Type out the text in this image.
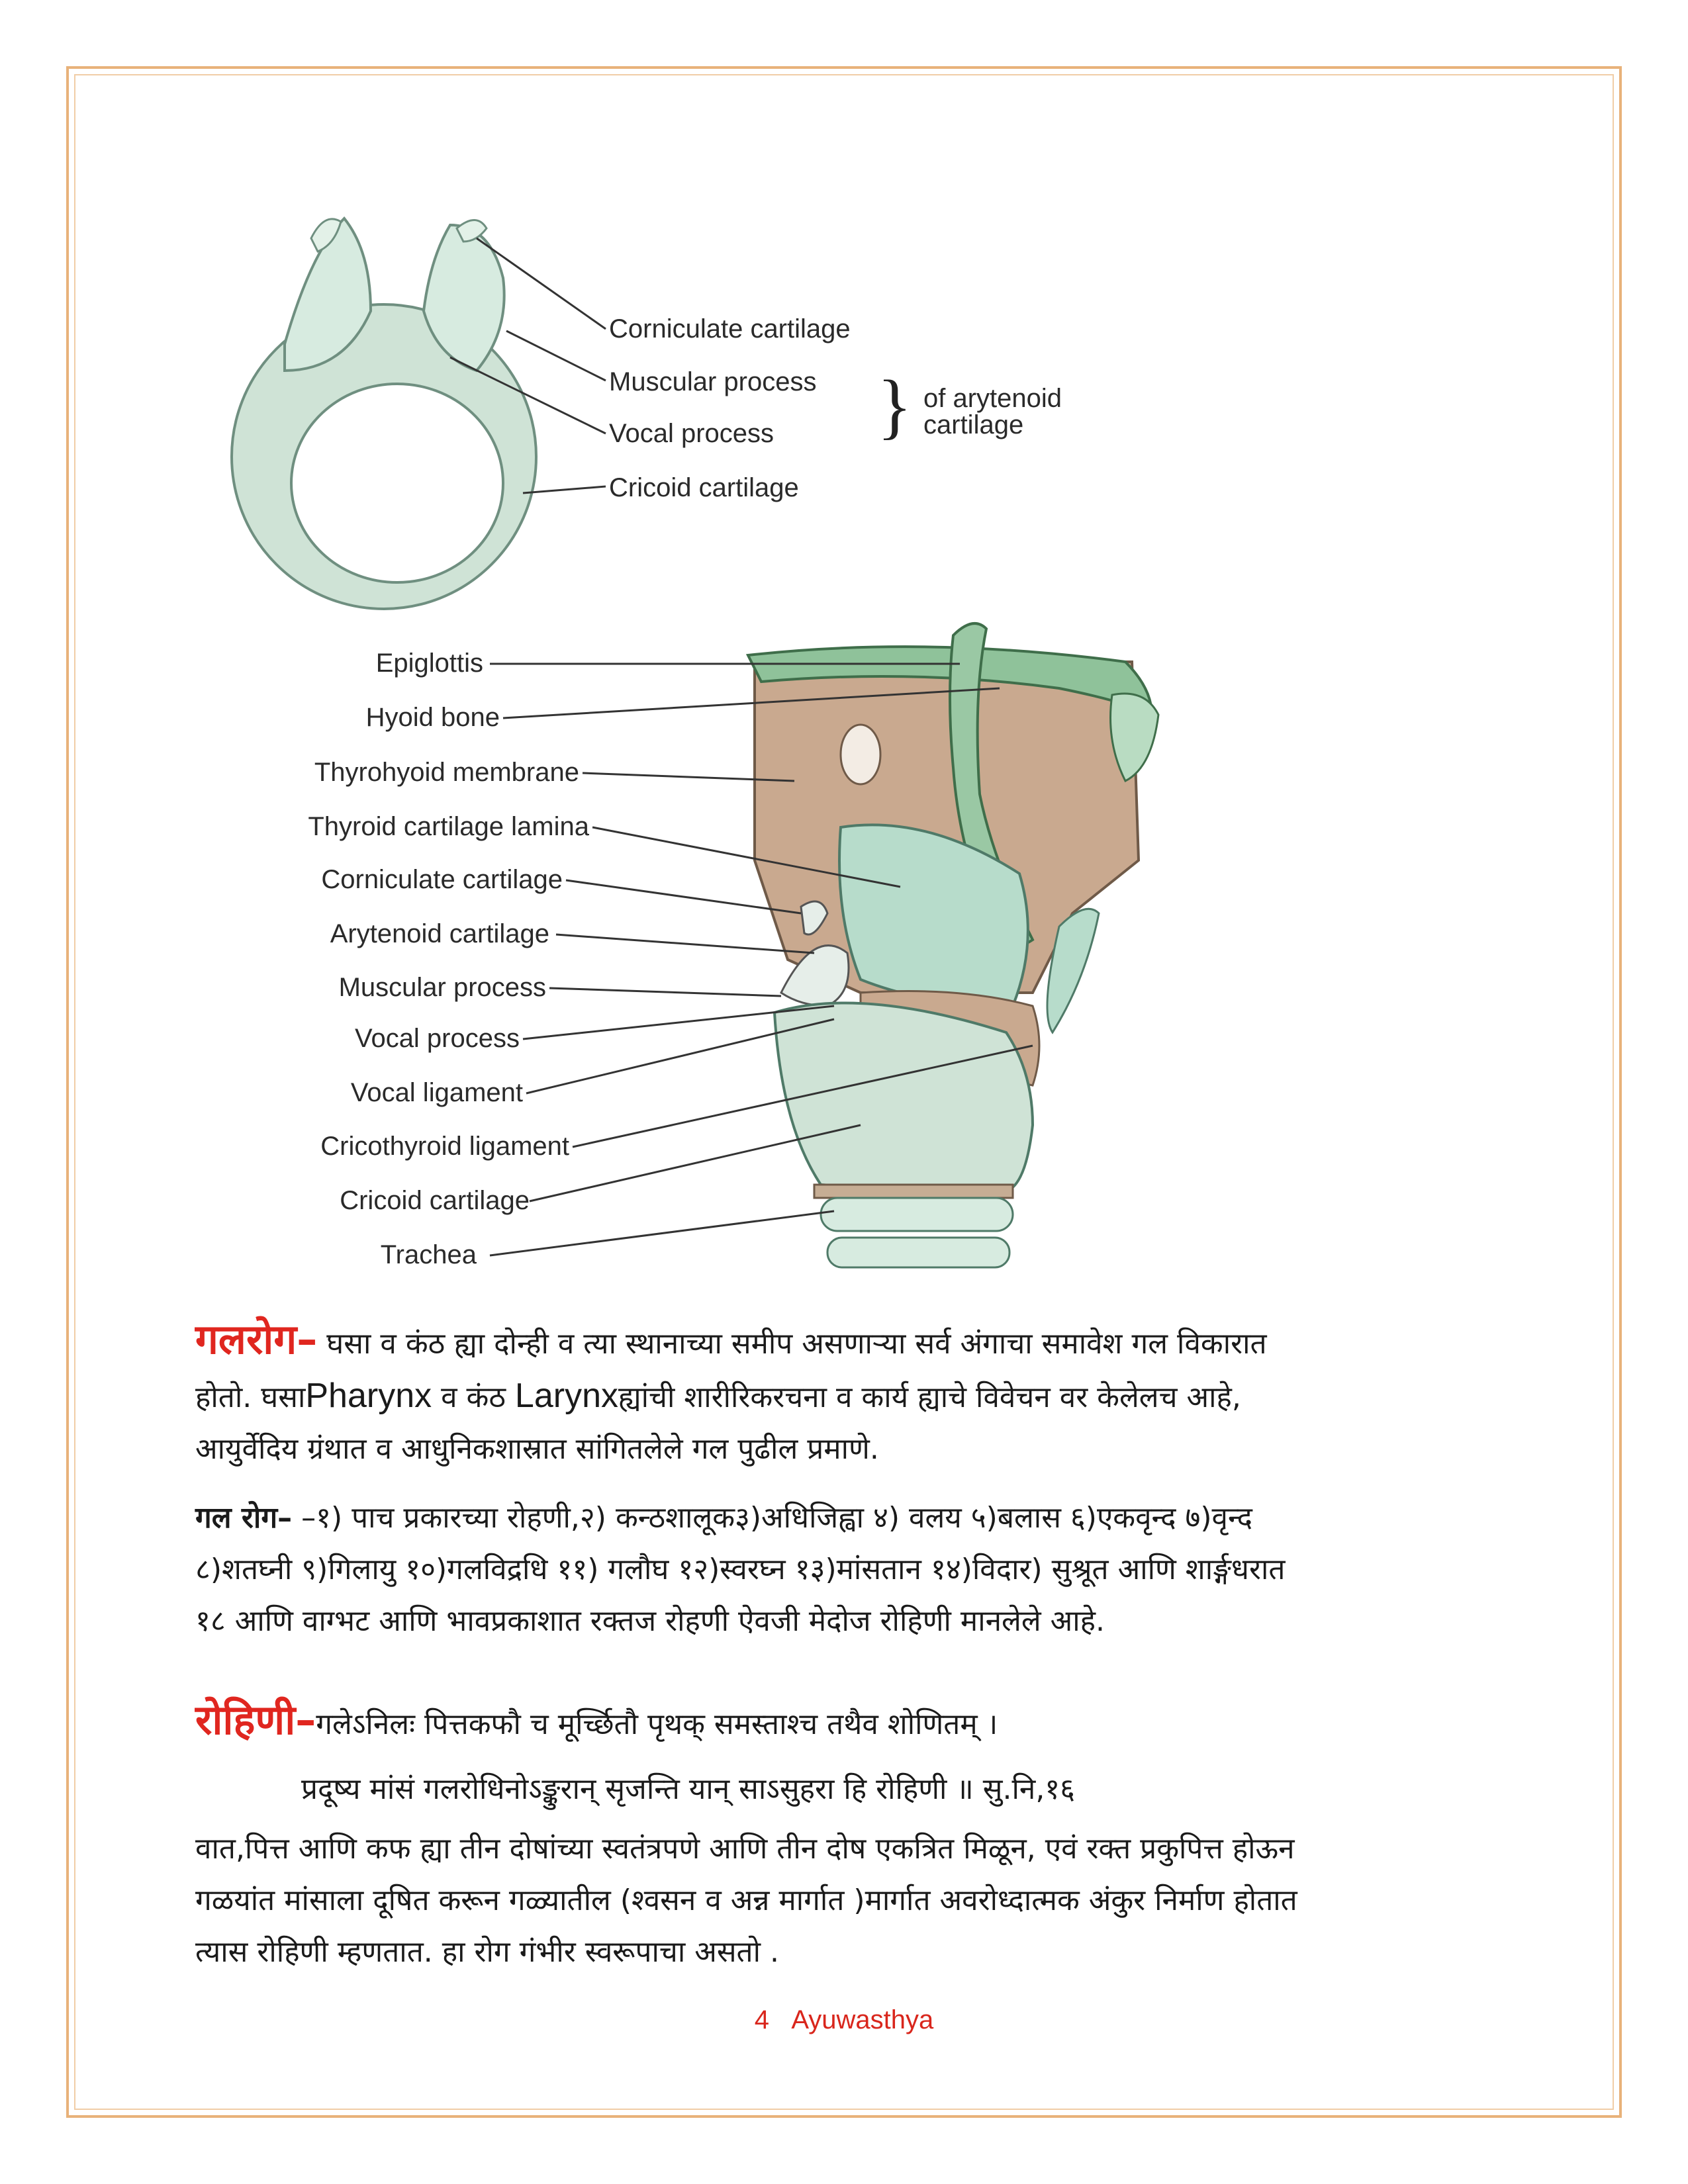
Corniculate cartilage
Muscular process
Vocal process
Cricoid cartilage
} of arytenoid
cartilage
Epiglottis
Hyoid bone
Thyrohyoid membrane
Thyroid cartilage lamina
Corniculate cartilage
Arytenoid cartilage
Muscular process
Vocal process
Vocal ligament
Cricothyroid ligament
Cricoid cartilage
Trachea
गलरोग– घसा व कंठ ह्या दोन्ही व त्या स्थानाच्या समीप असणाऱ्या सर्व अंगाचा समावेश गल विकारात
होतो. घसाPharynx व कंठ Larynxह्यांची शारीरिकरचना व कार्य ह्याचे विवेचन वर केलेलच आहे,
आयुर्वेदिय ग्रंथात व आधुनिकशास्रात सांगितलेले गल पुढील प्रमाणे.
गल रोग– –१) पाच प्रकारच्या रोहणी,२) कन्ठशालूक३)अधिजिह्वा ४) वलय ५)बलास ६)एकवृन्द ७)वृन्द
८)शतघ्नी ९)गिलायु १०)गलविद्रधि ११) गलौघ १२)स्वरघ्न १३)मांसतान १४)विदार) सुश्रूत आणि शार्ङ्गधरात
१८ आणि वाग्भट आणि भावप्रकाशात रक्तज रोहणी ऐवजी मेदोज रोहिणी मानलेले आहे.
रोहिणी–गलेऽनिलः पित्तकफौ च मूर्च्छितौ पृथक् समस्ताश्च तथैव शोणितम् ।
प्रदूष्य मांसं गलरोधिनोऽङ्कुरान् सृजन्ति यान् साऽसुहरा हि रोहिणी ॥ सु.नि,१६
वात,पित्त आणि कफ ह्या तीन दोषांच्या स्वतंत्रपणे आणि तीन दोष एकत्रित मिळून, एवं रक्त प्रकुपित्त होऊन
गळयांत मांसाला दूषित करून गळ्यातील (श्वसन व अन्न मार्गात )मार्गात अवरोध्दात्मक अंकुर निर्माण होतात
त्यास रोहिणी म्हणतात. हा रोग गंभीर स्वरूपाचा असतो .
4 Ayuwasthya
